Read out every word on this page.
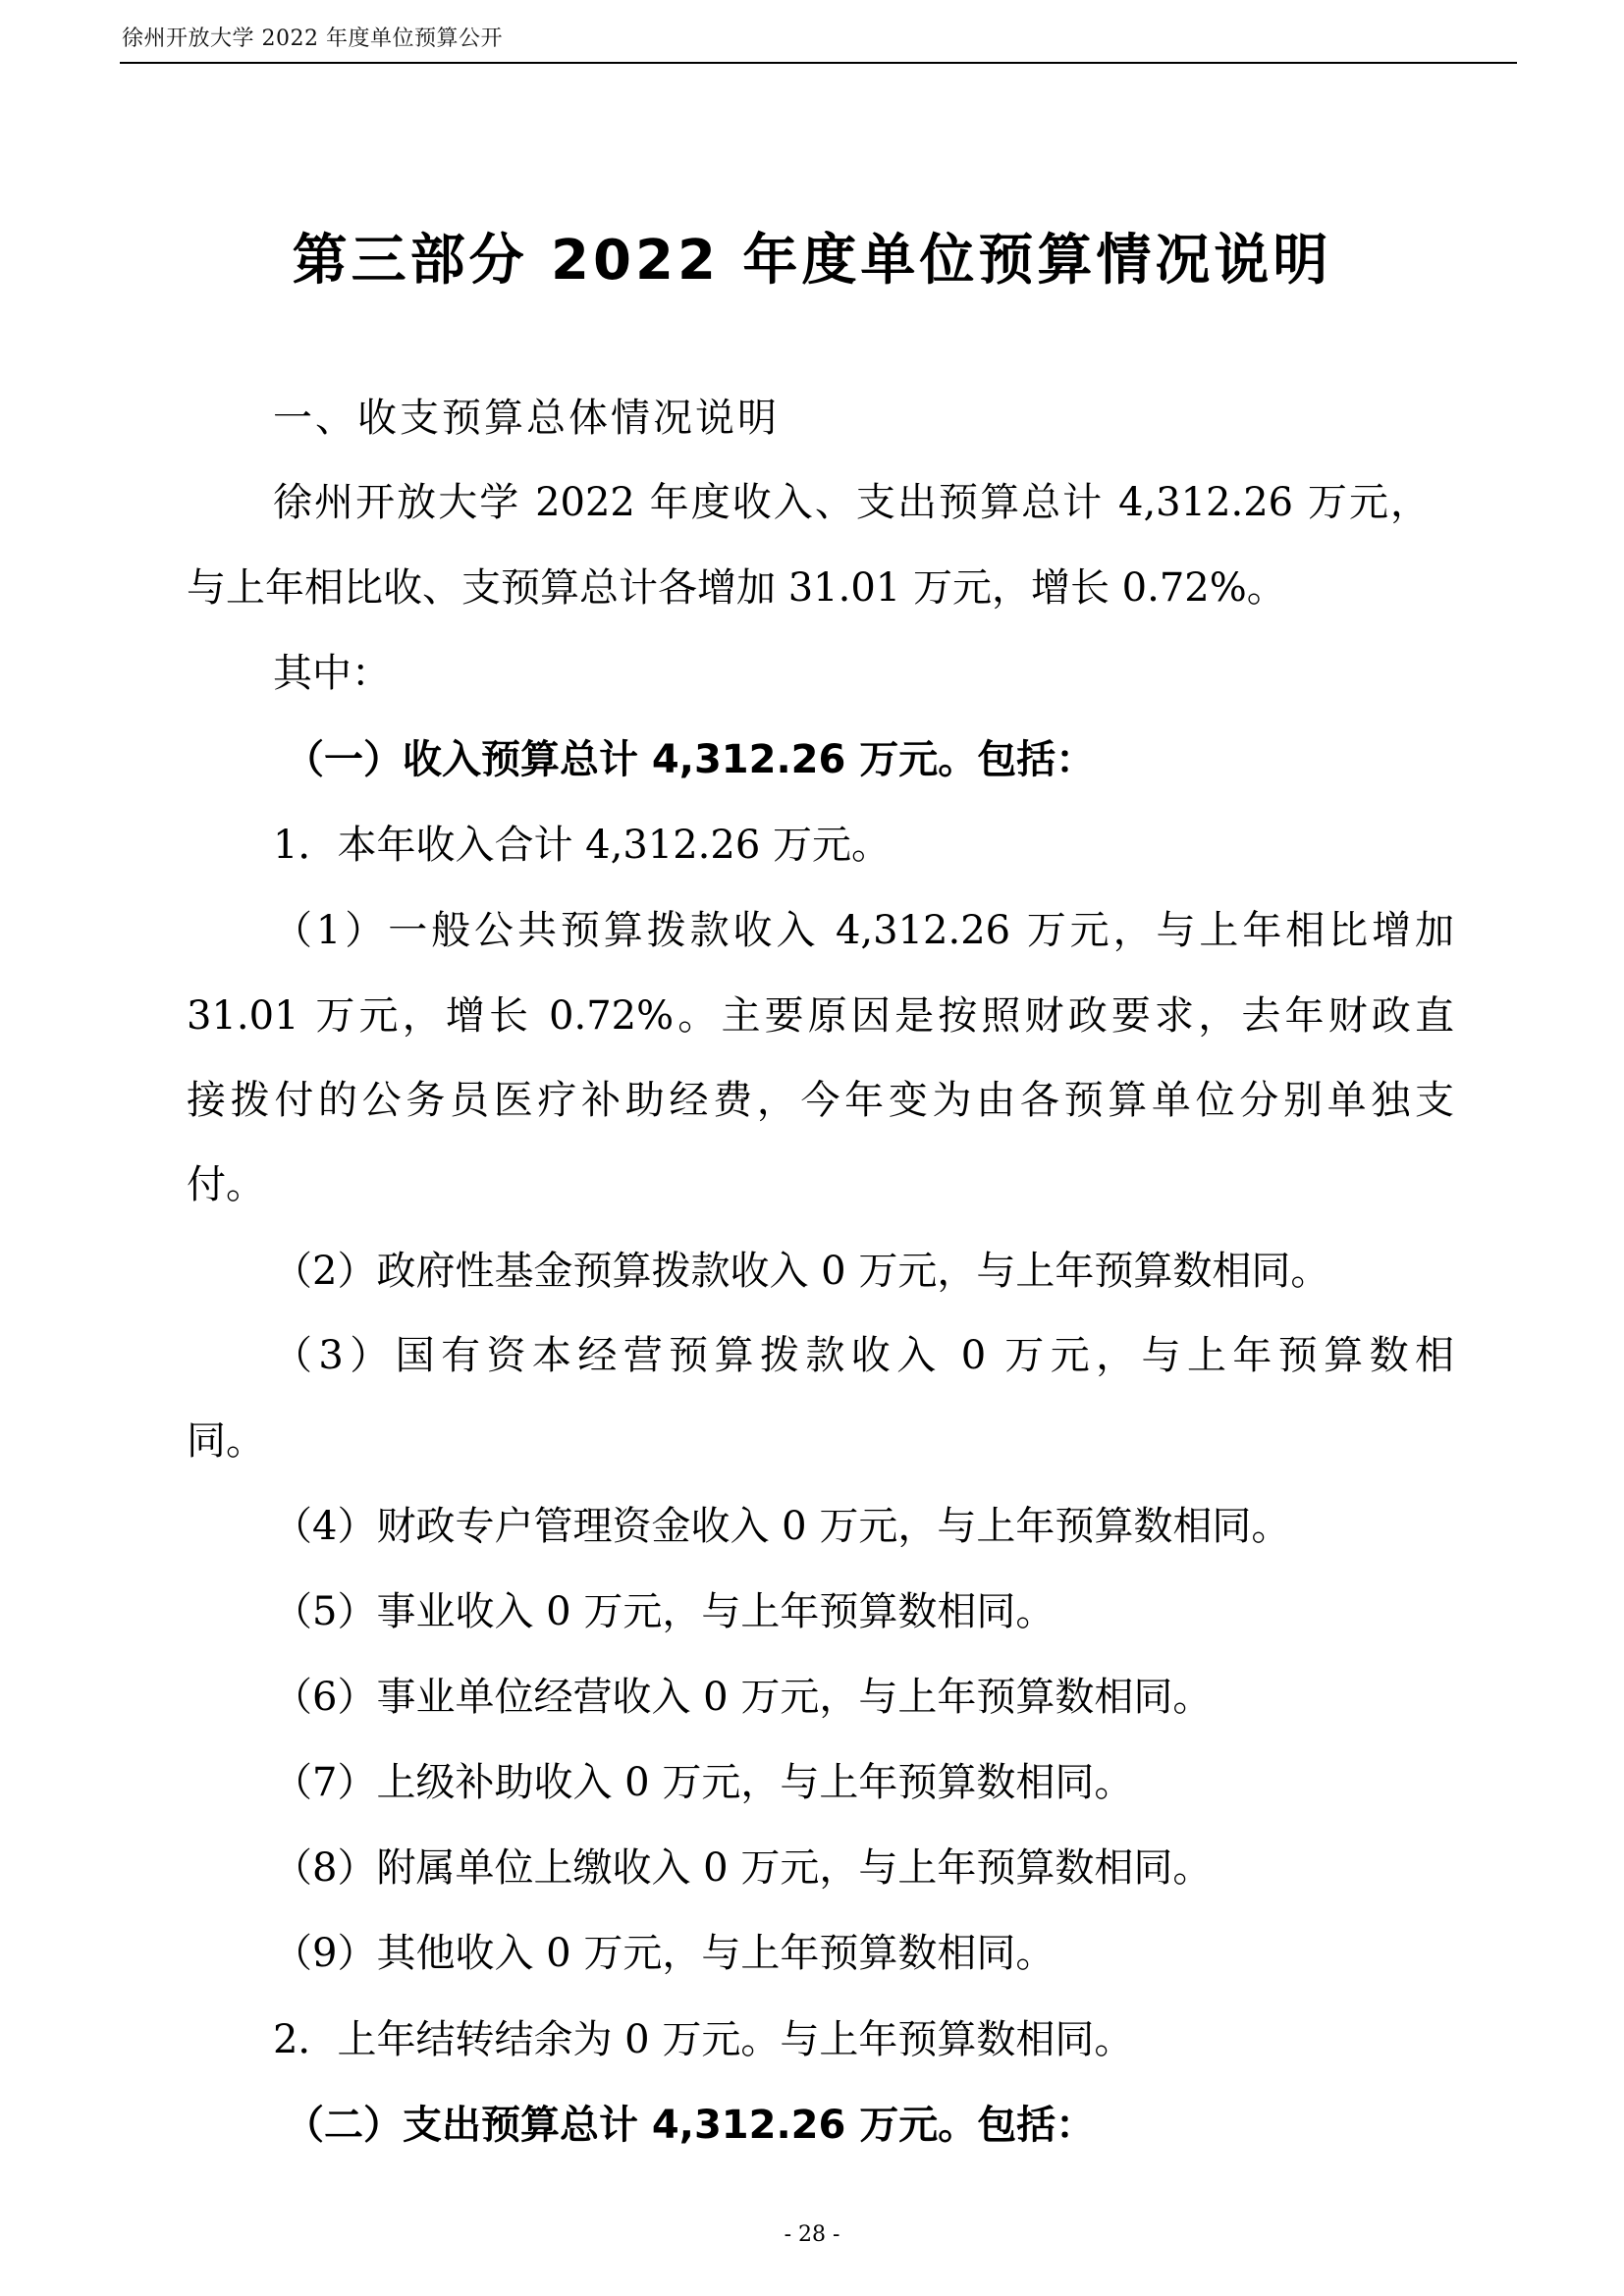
徐州开放大学 2022 年度单位预算公开
第三部分 2022 年度单位预算情况说明
一、收支预算总体情况说明
徐州开放大学 2022 年度收入、支出预算总计 4,312.26 万元，
与上年相比收、支预算总计各增加 31.01 万元，增长 0.72%。
其中：
（一）收入预算总计 4,312.26 万元。包括：
1．本年收入合计 4,312.26 万元。
（1）一般公共预算拨款收入 4,312.26 万元，与上年相比增加
31.01 万元，增长 0.72%。主要原因是按照财政要求，去年财政直
接拨付的公务员医疗补助经费，今年变为由各预算单位分别单独支
付。
（2）政府性基金预算拨款收入 0 万元，与上年预算数相同。
（3）国有资本经营预算拨款收入 0 万元，与上年预算数相
同。
（4）财政专户管理资金收入 0 万元，与上年预算数相同。
（5）事业收入 0 万元，与上年预算数相同。
（6）事业单位经营收入 0 万元，与上年预算数相同。
（7）上级补助收入 0 万元，与上年预算数相同。
（8）附属单位上缴收入 0 万元，与上年预算数相同。
（9）其他收入 0 万元，与上年预算数相同。
2．上年结转结余为 0 万元。与上年预算数相同。
（二）支出预算总计 4,312.26 万元。包括：
- 28 -
